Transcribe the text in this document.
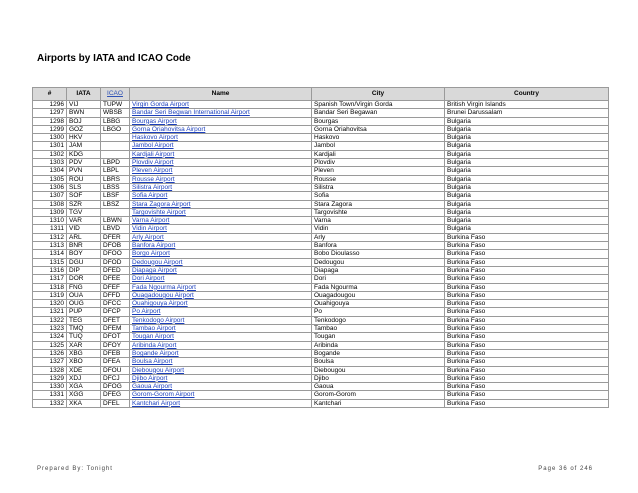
Airports by IATA and ICAO Code
#	IATA	ICAO	Name	City	Country
1296	VIJ	TUPW	Virgin Gorda Airport	Spanish Town/Virgin Gorda	British Virgin Islands
1297	BWN	WBSB	Bandar Seri Begwan International Airport	Bandar Seri Begawan	Brunei Darussalam
1298	BOJ	LBBG	Bourgas Airport	Bourgas	Bulgaria
1299	GOZ	LBGO	Gorna Oriahovitsa Airport	Gorna Oriahovitsa	Bulgaria
1300	HKV		Haskovo Airport	Haskovo	Bulgaria
1301	JAM		Jambol Airport	Jambol	Bulgaria
1302	KDG		Kardjali Airport	Kardjali	Bulgaria
1303	PDV	LBPD	Plovdiv Airport	Plovdiv	Bulgaria
1304	PVN	LBPL	Pleven Airport	Pleven	Bulgaria
1305	ROU	LBRS	Rousse Airport	Rousse	Bulgaria
1306	SLS	LBSS	Silistra Airport	Silistra	Bulgaria
1307	SOF	LBSF	Sofia Airport	Sofia	Bulgaria
1308	SZR	LBSZ	Stara Zagora Airport	Stara Zagora	Bulgaria
1309	TGV		Targovishte Airport	Targovishte	Bulgaria
1310	VAR	LBWN	Varna Airport	Varna	Bulgaria
1311	VID	LBVD	Vidin Airport	Vidin	Bulgaria
1312	ARL	DFER	Arly Airport	Arly	Burkina Faso
1313	BNR	DFOB	Banfora Airport	Banfora	Burkina Faso
1314	BOY	DFOO	Borgo Airport	Bobo Dioulasso	Burkina Faso
1315	DGU	DFOD	Dedougou Airport	Dedougou	Burkina Faso
1316	DIP	DFED	Diapaga Airport	Diapaga	Burkina Faso
1317	DOR	DFEE	Dori Airport	Dori	Burkina Faso
1318	FNG	DFEF	Fada Ngourma Airport	Fada Ngourma	Burkina Faso
1319	OUA	DFFD	Ouagadougou Airport	Ouagadougou	Burkina Faso
1320	OUG	DFCC	Ouahigouya Airport	Ouahigouya	Burkina Faso
1321	PUP	DFCP	Po Airport	Po	Burkina Faso
1322	TEG	DFET	Tenkodogo Airport	Tenkodogo	Burkina Faso
1323	TMQ	DFEM	Tambao Airport	Tambao	Burkina Faso
1324	TUQ	DFOT	Tougan Airport	Tougan	Burkina Faso
1325	XAR	DFOY	Aribinda Airport	Aribinda	Burkina Faso
1326	XBG	DFEB	Bogande Airport	Bogande	Burkina Faso
1327	XBO	DFEA	Boulsa Airport	Boulsa	Burkina Faso
1328	XDE	DFOU	Diebougou Airport	Diebougou	Burkina Faso
1329	XDJ	DFCJ	Djibo Airport	Djibo	Burkina Faso
1330	XGA	DFOG	Gaoua Airport	Gaoua	Burkina Faso
1331	XGG	DFEG	Gorom-Gorom Airport	Gorom-Gorom	Burkina Faso
1332	XKA	DFEL	Kantchari Airport	Kantchari	Burkina Faso
Prepared By: Tonight	Page 36 of 246
